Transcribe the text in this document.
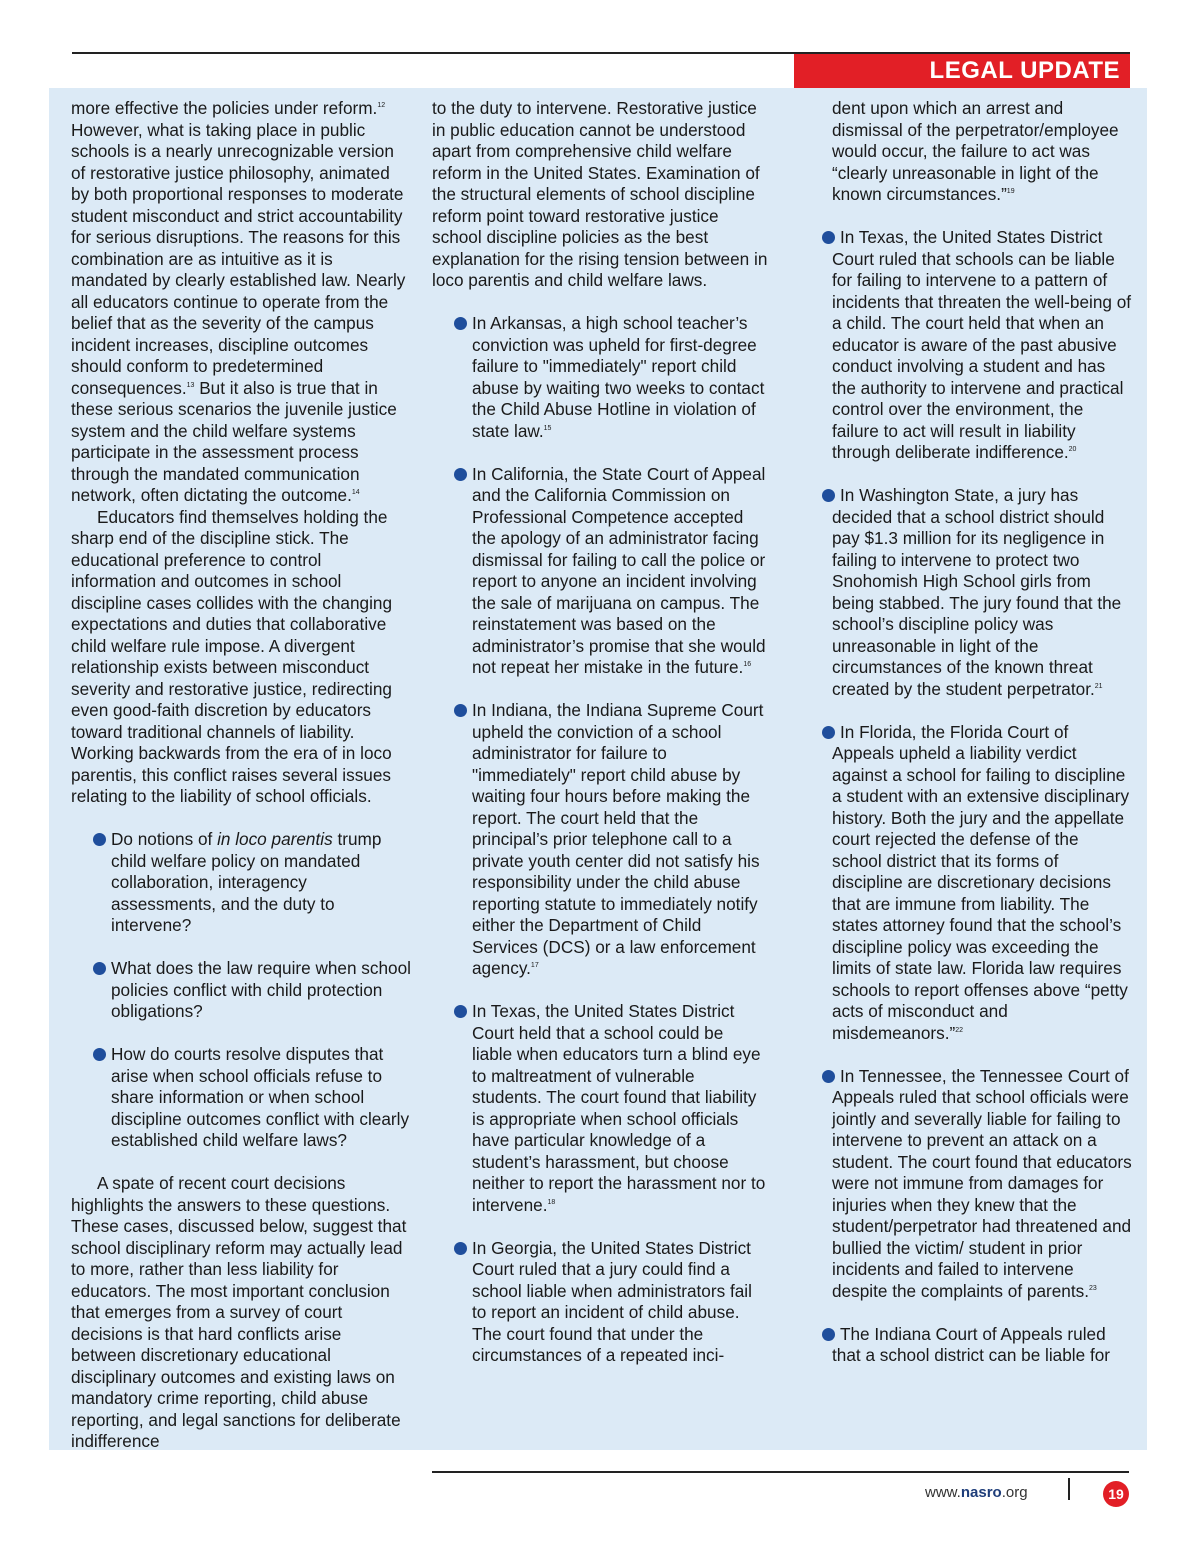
LEGAL UPDATE

more effective the policies under reform.$^{12}$ However, what is taking place in public schools is a nearly unrecognizable version of restorative justice philosophy, animated by both proportional responses to moderate student misconduct and strict accountability for serious disruptions. The reasons for this combination are as intuitive as it is mandated by clearly established law. Nearly all educators continue to operate from the belief that as the severity of the campus incident increases, discipline outcomes should conform to predetermined consequences.$^{13}$ But it also is true that in these serious scenarios the juvenile justice system and the child welfare systems participate in the assessment process through the mandated communication network, often dictating the outcome.$^{14}$

Educators find themselves holding the sharp end of the discipline stick. The educational preference to control information and outcomes in school discipline cases collides with the changing expectations and duties that collaborative child welfare rule impose. A divergent relationship exists between misconduct severity and restorative justice, redirecting even good-faith discretion by educators toward traditional channels of liability. Working backwards from the era of in loco parentis, this conflict raises several issues relating to the liability of school officials.

Do notions of in loco parentis trump child welfare policy on mandated collaboration, interagency assessments, and the duty to intervene?

What does the law require when school policies conflict with child protection obligations?

How do courts resolve disputes that arise when school officials refuse to share information or when school discipline outcomes conflict with clearly established child welfare laws?

A spate of recent court decisions highlights the answers to these questions. These cases, discussed below, suggest that school disciplinary reform may actually lead to more, rather than less liability for educators. The most important conclusion that emerges from a survey of court decisions is that hard conflicts arise between discretionary educational disciplinary outcomes and existing laws on mandatory crime reporting, child abuse reporting, and legal sanctions for deliberate indifference

to the duty to intervene. Restorative justice in public education cannot be understood apart from comprehensive child welfare reform in the United States. Examination of the structural elements of school discipline reform point toward restorative justice school discipline policies as the best explanation for the rising tension between in loco parentis and child welfare laws.

In Arkansas, a high school teacher’s conviction was upheld for first-degree failure to "immediately" report child abuse by waiting two weeks to contact the Child Abuse Hotline in violation of state law.$^{15}$

In California, the State Court of Appeal and the California Commission on Professional Competence accepted the apology of an administrator facing dismissal for failing to call the police or report to anyone an incident involving the sale of marijuana on campus. The reinstatement was based on the administrator’s promise that she would not repeat her mistake in the future.$^{16}$

In Indiana, the Indiana Supreme Court upheld the conviction of a school administrator for failure to "immediately" report child abuse by waiting four hours before making the report. The court held that the principal’s prior telephone call to a private youth center did not satisfy his responsibility under the child abuse reporting statute to immediately notify either the Department of Child Services (DCS) or a law enforcement agency.$^{17}$

In Texas, the United States District Court held that a school could be liable when educators turn a blind eye to maltreatment of vulnerable students. The court found that liability is appropriate when school officials have particular knowledge of a student’s harassment, but choose neither to report the harassment nor to intervene.$^{18}$

In Georgia, the United States District Court ruled that a jury could find a school liable when administrators fail to report an incident of child abuse. The court found that under the circumstances of a repeated inci-

dent upon which an arrest and dismissal of the perpetrator/employee would occur, the failure to act was “clearly unreasonable in light of the known circumstances.”$^{19}$

In Texas, the United States District Court ruled that schools can be liable for failing to intervene to a pattern of incidents that threaten the well-being of a child. The court held that when an educator is aware of the past abusive conduct involving a student and has the authority to intervene and practical control over the environment, the failure to act will result in liability through deliberate indifference.$^{20}$

In Washington State, a jury has decided that a school district should pay $1.3 million for its negligence in failing to intervene to protect two Snohomish High School girls from being stabbed. The jury found that the school’s discipline policy was unreasonable in light of the circumstances of the known threat created by the student perpetrator.$^{21}$

In Florida, the Florida Court of Appeals upheld a liability verdict against a school for failing to discipline a student with an extensive disciplinary history. Both the jury and the appellate court rejected the defense of the school district that its forms of discipline are discretionary decisions that are immune from liability. The states attorney found that the school’s discipline policy was exceeding the limits of state law. Florida law requires schools to report offenses above “petty acts of misconduct and misdemeanors.”$^{22}$

In Tennessee, the Tennessee Court of Appeals ruled that school officials were jointly and severally liable for failing to intervene to prevent an attack on a student. The court found that educators were not immune from damages for injuries when they knew that the student/perpetrator had threatened and bullied the victim/ student in prior incidents and failed to intervene despite the complaints of parents.$^{23}$

The Indiana Court of Appeals ruled that a school district can be liable for

www.nasro.org	19
